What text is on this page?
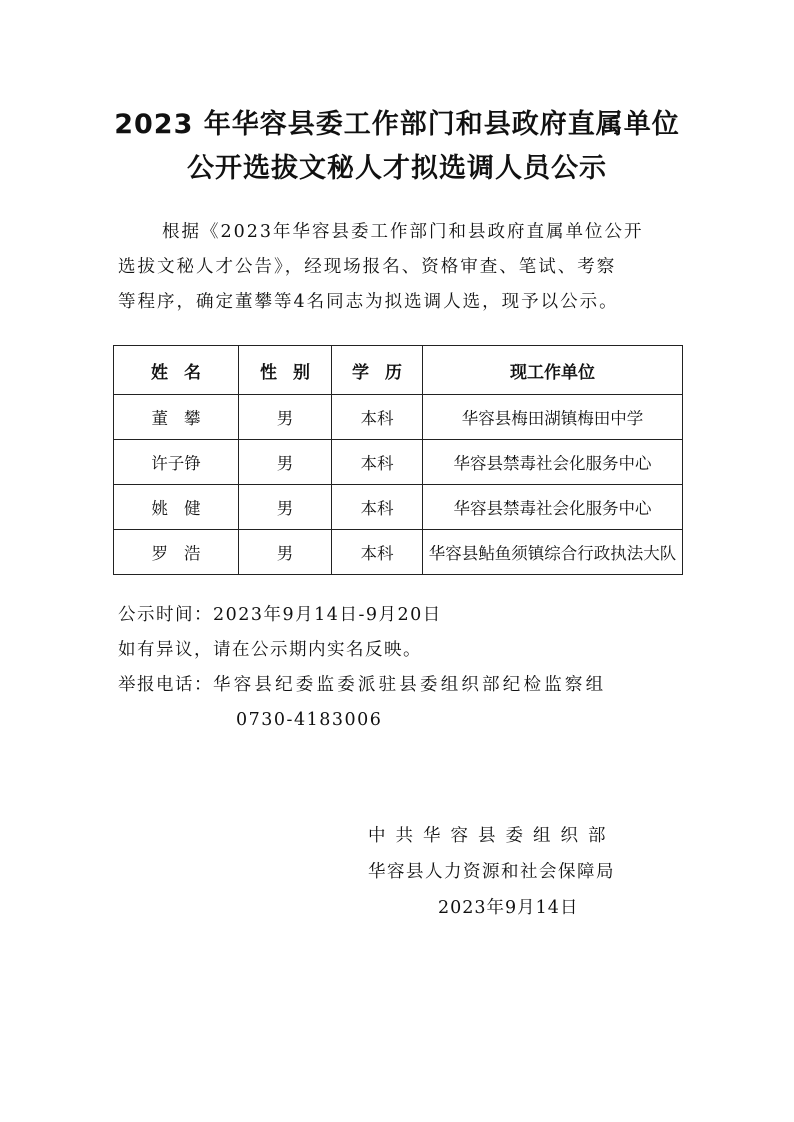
2023 年华容县委工作部门和县政府直属单位
公开选拔文秘人才拟选调人员公示
根据《2023年华容县委工作部门和县政府直属单位公开
选拔文秘人才公告》，经现场报名、资格审查、笔试、考察
等程序，确定董攀等4名同志为拟选调人选，现予以公示。
姓名	性别	学历	现工作单位
董攀	男	本科	华容县梅田湖镇梅田中学
许子铮	男	本科	华容县禁毒社会化服务中心
姚健	男	本科	华容县禁毒社会化服务中心
罗浩	男	本科	华容县鲇鱼须镇综合行政执法大队
公示时间：2023年9月14日-9月20日
如有异议，请在公示期内实名反映。
举报电话：华容县纪委监委派驻县委组织部纪检监察组
0730-4183006
中共华容县委组织部
华容县人力资源和社会保障局
2023年9月14日
